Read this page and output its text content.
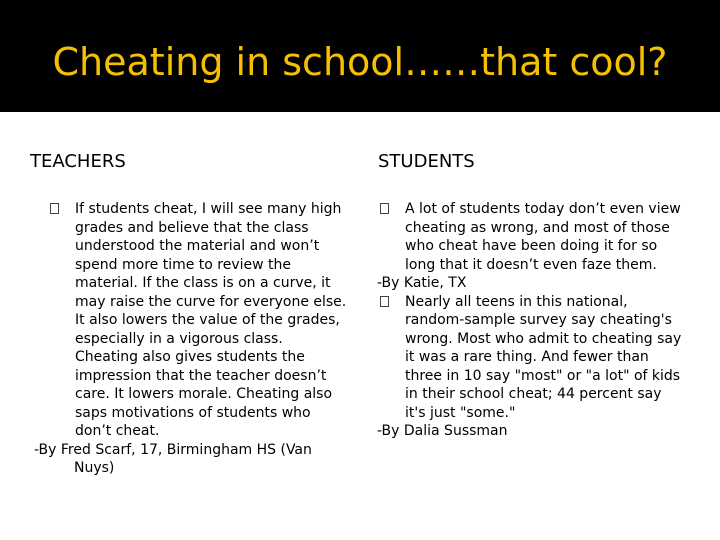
Cheating in school……that cool?
TEACHERS	STUDENTS
If students cheat, I will see many high grades and believe that the class understood the material and won’t spend more time to review the material. If the class is on a curve, it may raise the curve for everyone else. It also lowers the value of the grades, especially in a vigorous class. Cheating also gives students the impression that the teacher doesn’t care. It lowers morale. Cheating also saps motivations of students who don’t cheat.
-By Fred Scarf, 17, Birmingham HS (Van Nuys)
A lot of students today don’t even view cheating as wrong, and most of those who cheat have been doing it for so long that it doesn’t even faze them.
-By Katie, TX
Nearly all teens in this national, random-sample survey say cheating's wrong. Most who admit to cheating say it was a rare thing. And fewer than three in 10 say "most" or "a lot" of kids in their school cheat; 44 percent say it's just "some."
-By Dalia Sussman
